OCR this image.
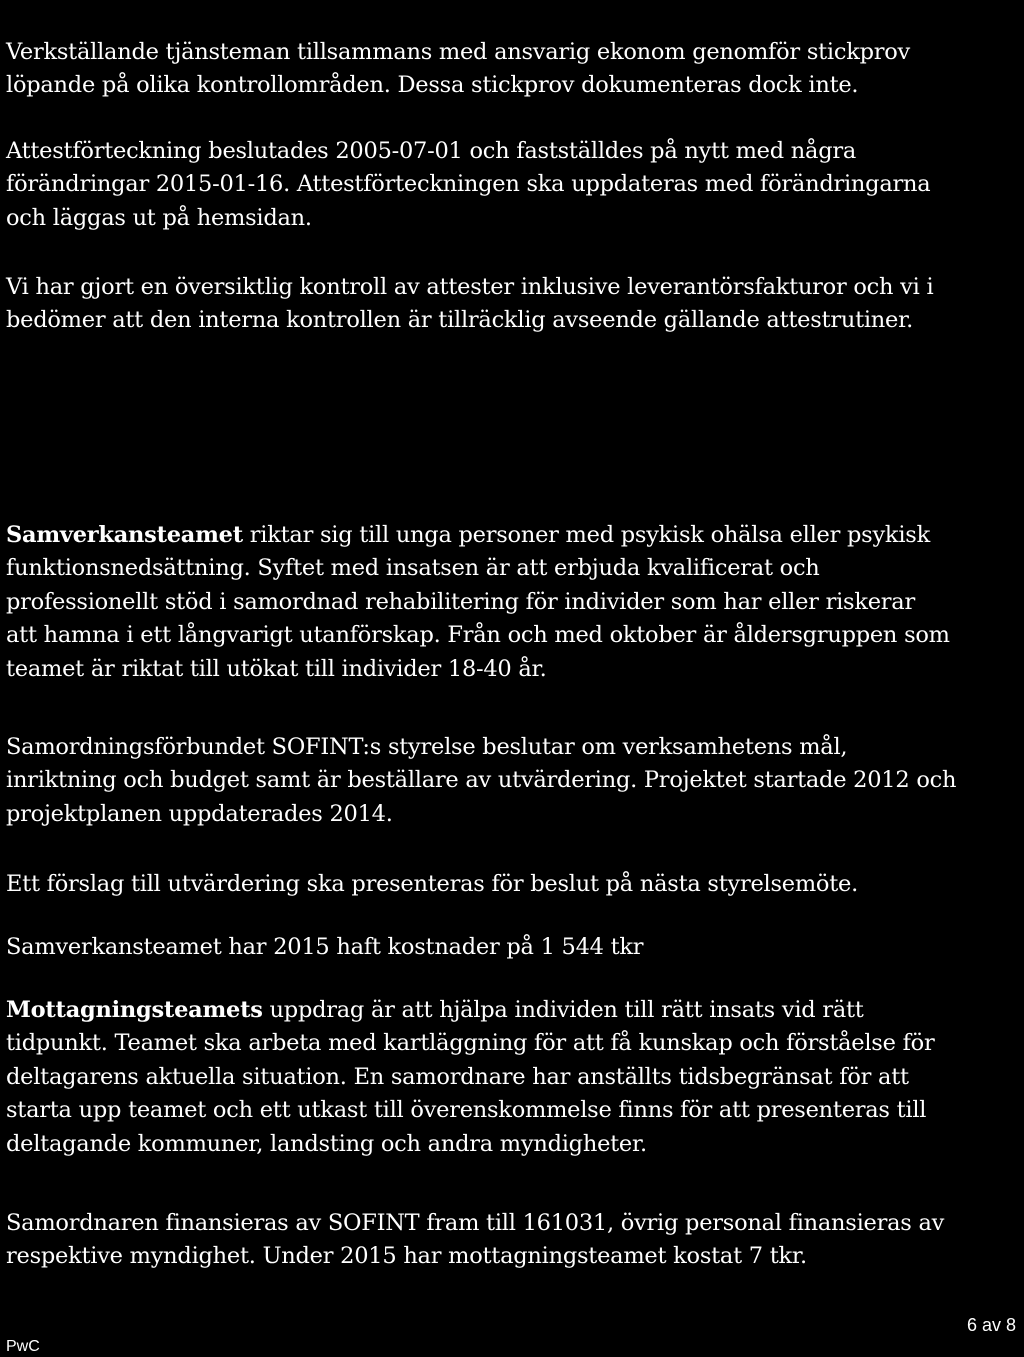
Verkställande tjänsteman tillsammans med ansvarig ekonom genomför stickprov
löpande på olika kontrollområden. Dessa stickprov dokumenteras dock inte.

Attestförteckning beslutades 2005-07-01 och fastställdes på nytt med några
förändringar 2015-01-16. Attestförteckningen ska uppdateras med förändringarna
och läggas ut på hemsidan.

Vi har gjort en översiktlig kontroll av attester inklusive leverantörsfakturor och vi i
bedömer att den interna kontrollen är tillräcklig avseende gällande attestrutiner.

Samverkansteamet riktar sig till unga personer med psykisk ohälsa eller psykisk
funktionsnedsättning. Syftet med insatsen är att erbjuda kvalificerat och
professionellt stöd i samordnad rehabilitering för individer som har eller riskerar
att hamna i ett långvarigt utanförskap. Från och med oktober är åldersgruppen som
teamet är riktat till utökat till individer 18-40 år.

Samordningsförbundet SOFINT:s styrelse beslutar om verksamhetens mål,
inriktning och budget samt är beställare av utvärdering. Projektet startade 2012 och
projektplanen uppdaterades 2014.

Ett förslag till utvärdering ska presenteras för beslut på nästa styrelsemöte.

Samverkansteamet har 2015 haft kostnader på 1 544 tkr

Mottagningsteamets uppdrag är att hjälpa individen till rätt insats vid rätt
tidpunkt. Teamet ska arbeta med kartläggning för att få kunskap och förståelse för
deltagarens aktuella situation. En samordnare har anställts tidsbegränsat för att
starta upp teamet och ett utkast till överenskommelse finns för att presenteras till
deltagande kommuner, landsting och andra myndigheter.

Samordnaren finansieras av SOFINT fram till 161031, övrig personal finansieras av
respektive myndighet. Under 2015 har mottagningsteamet kostat 7 tkr.

PwC
6 av 8
